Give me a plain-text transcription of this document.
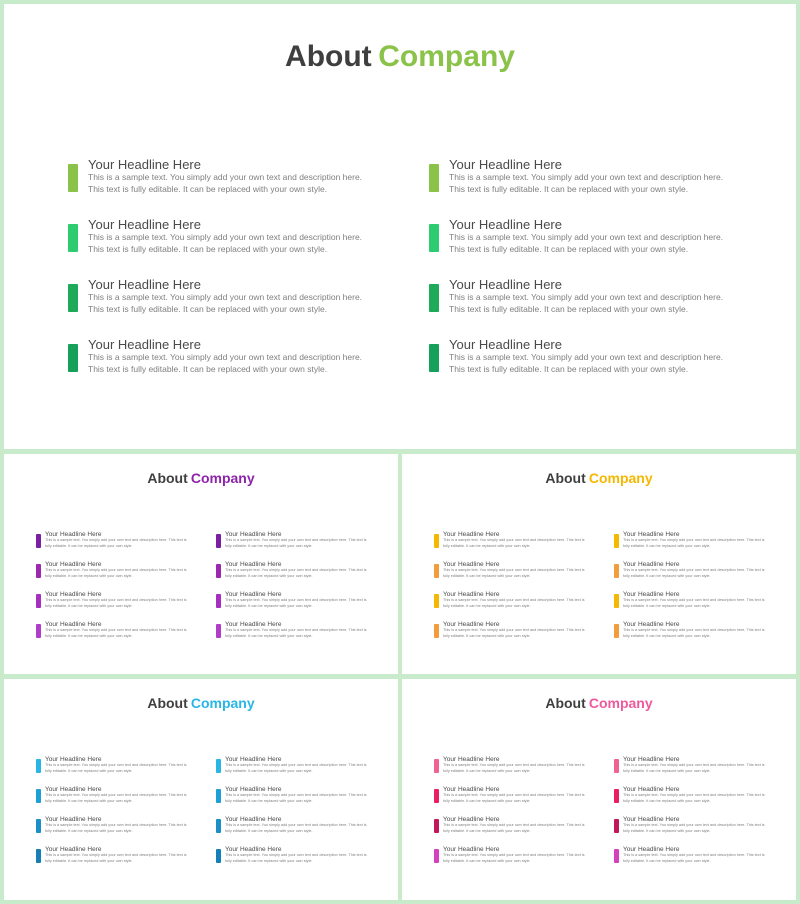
About Company
Your Headline Here
This is a sample text. You simply add your own text and description here. This text is fully editable. It can be replaced with your own style.
Your Headline Here
This is a sample text. You simply add your own text and description here. This text is fully editable. It can be replaced with your own style.
Your Headline Here
This is a sample text. You simply add your own text and description here. This text is fully editable. It can be replaced with your own style.
Your Headline Here
This is a sample text. You simply add your own text and description here. This text is fully editable. It can be replaced with your own style.
Your Headline Here
This is a sample text. You simply add your own text and description here. This text is fully editable. It can be replaced with your own style.
Your Headline Here
This is a sample text. You simply add your own text and description here. This text is fully editable. It can be replaced with your own style.
Your Headline Here
This is a sample text. You simply add your own text and description here. This text is fully editable. It can be replaced with your own style.
Your Headline Here
This is a sample text. You simply add your own text and description here. This text is fully editable. It can be replaced with your own style.
About Company
Your Headline Here
This is a sample text. You simply add your own text and description here. This text is fully editable. It can be replaced with your own style.
Your Headline Here
This is a sample text. You simply add your own text and description here. This text is fully editable. It can be replaced with your own style.
Your Headline Here
This is a sample text. You simply add your own text and description here. This text is fully editable. It can be replaced with your own style.
Your Headline Here
This is a sample text. You simply add your own text and description here. This text is fully editable. It can be replaced with your own style.
Your Headline Here
This is a sample text. You simply add your own text and description here. This text is fully editable. It can be replaced with your own style.
Your Headline Here
This is a sample text. You simply add your own text and description here. This text is fully editable. It can be replaced with your own style.
Your Headline Here
This is a sample text. You simply add your own text and description here. This text is fully editable. It can be replaced with your own style.
Your Headline Here
This is a sample text. You simply add your own text and description here. This text is fully editable. It can be replaced with your own style.
About Company
Your Headline Here
This is a sample text. You simply add your own text and description here. This text is fully editable. It can be replaced with your own style.
Your Headline Here
This is a sample text. You simply add your own text and description here. This text is fully editable. It can be replaced with your own style.
Your Headline Here
This is a sample text. You simply add your own text and description here. This text is fully editable. It can be replaced with your own style.
Your Headline Here
This is a sample text. You simply add your own text and description here. This text is fully editable. It can be replaced with your own style.
Your Headline Here
This is a sample text. You simply add your own text and description here. This text is fully editable. It can be replaced with your own style.
Your Headline Here
This is a sample text. You simply add your own text and description here. This text is fully editable. It can be replaced with your own style.
Your Headline Here
This is a sample text. You simply add your own text and description here. This text is fully editable. It can be replaced with your own style.
Your Headline Here
This is a sample text. You simply add your own text and description here. This text is fully editable. It can be replaced with your own style.
About Company
Your Headline Here
This is a sample text. You simply add your own text and description here. This text is fully editable. It can be replaced with your own style.
Your Headline Here
This is a sample text. You simply add your own text and description here. This text is fully editable. It can be replaced with your own style.
Your Headline Here
This is a sample text. You simply add your own text and description here. This text is fully editable. It can be replaced with your own style.
Your Headline Here
This is a sample text. You simply add your own text and description here. This text is fully editable. It can be replaced with your own style.
Your Headline Here
This is a sample text. You simply add your own text and description here. This text is fully editable. It can be replaced with your own style.
Your Headline Here
This is a sample text. You simply add your own text and description here. This text is fully editable. It can be replaced with your own style.
Your Headline Here
This is a sample text. You simply add your own text and description here. This text is fully editable. It can be replaced with your own style.
Your Headline Here
This is a sample text. You simply add your own text and description here. This text is fully editable. It can be replaced with your own style.
About Company
Your Headline Here
This is a sample text. You simply add your own text and description here. This text is fully editable. It can be replaced with your own style.
Your Headline Here
This is a sample text. You simply add your own text and description here. This text is fully editable. It can be replaced with your own style.
Your Headline Here
This is a sample text. You simply add your own text and description here. This text is fully editable. It can be replaced with your own style.
Your Headline Here
This is a sample text. You simply add your own text and description here. This text is fully editable. It can be replaced with your own style.
Your Headline Here
This is a sample text. You simply add your own text and description here. This text is fully editable. It can be replaced with your own style.
Your Headline Here
This is a sample text. You simply add your own text and description here. This text is fully editable. It can be replaced with your own style.
Your Headline Here
This is a sample text. You simply add your own text and description here. This text is fully editable. It can be replaced with your own style.
Your Headline Here
This is a sample text. You simply add your own text and description here. This text is fully editable. It can be replaced with your own style.
